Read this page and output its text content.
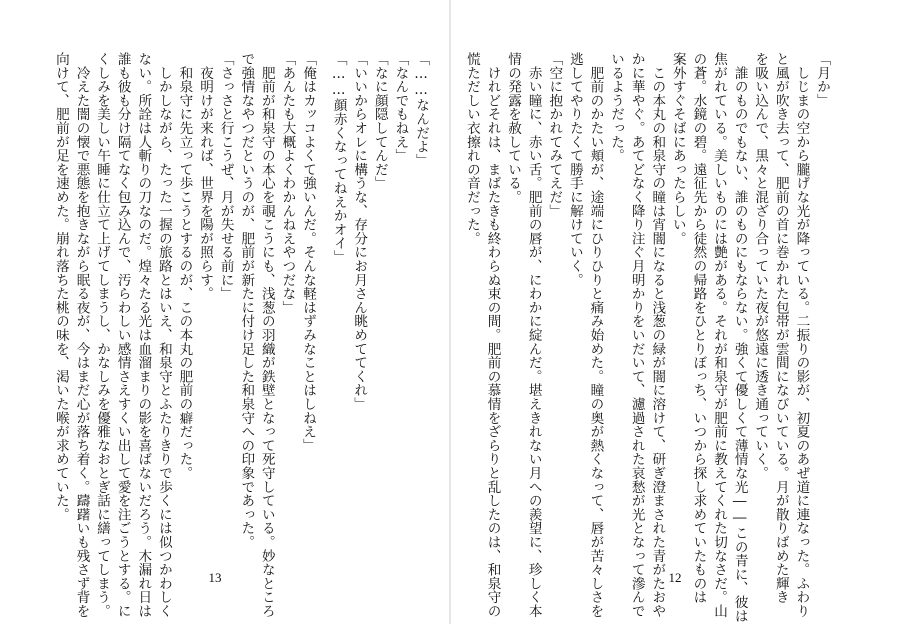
「……なんだよ」
「なんでもねえ」
「なに顔隠してんだ」
「いいからオレに構うな、存分にお月さん眺めててくれ」
「……顔赤くなってねえかオイ」
「俺はカッコよくて強いんだ。そんな軽はずみなことはしねえ」
「あんたも大概よくわかんねえやつだな」
　肥前が和泉守の本心を覗こうにも、浅葱の羽織が鉄壁となって死守している。妙なところ
で強情なやつだというのが、肥前が新たに付け足した和泉守への印象であった。
「さっさと行こうぜ、月が失せる前に」
　夜明けが来れば、世界を陽が照らす。
　和泉守に先立って歩こうとするのが、この本丸の肥前の癖だった。
　しかしながら、たった一握の旅路とはいえ、和泉守とふたりきりで歩くには似つかわしく
ない。所詮は人斬りの刀なのだ。煌々たる光は血溜まりの影を喜ばないだろう。木漏れ日は
誰も彼も分け隔てなく包み込んで、汚らわしい感情さえすくい出して愛を注ごうとする。に
くしみを美しい午睡に仕立て上げてしまうし、かなしみを優雅なおとぎ話に繕ってしまう。
　冷えた闇の懐で悪態を抱きながら眠る夜が、今はまだ心が落ち着く。躊躇いも残さず背を
向けて、肥前が足を速めた。崩れ落ちた桃の味を、渇いた喉が求めていた。
13
「月か」
　しじまの空から朧げな光が降っている。二振りの影が、初夏のあぜ道に連なった。ふわり
と風が吹き去って、肥前の首に巻かれた包帯が雲間になびいている。月が散りばめた輝き
を吸い込んで、黒々と混ざり合っていた夜が悠遠に透き通っていく。
　誰のものでもない、誰のものにもならない。強くて優しくて薄情な光――この青に、彼は
焦がれている。美しいものには艶がある。それが和泉守が肥前に教えてくれた切なさだ。山
の蒼。水鏡の碧。遠征先から徒然の帰路をひとりぼっち、いつから探し求めていたものは
案外すぐそばにあったらしい。
　この本丸の和泉守の瞳は宵闇になると浅葱の緑が闇に溶けて、研ぎ澄まされた青がたおや
かに華やぐ。あてどなく降り注ぐ月明かりをいだいて、濾過された哀愁が光となって滲んで
いるようだった。
　肥前のかたい頬が、途端にひりひりと痛み始めた。瞳の奥が熱くなって、唇が苦々しさを
逃してやりたくて勝手に解けていく。
「空に抱かれてみてえだ」
　赤い瞳に、赤い舌。肥前の唇が、にわかに綻んだ。堪えきれない月への羨望に、珍しく本
情の発露を赦している。
　けれどそれは、まばたきも終わらぬ束の間。肥前の慕情をざらりと乱したのは、和泉守の
慌ただしい衣擦れの音だった。
12
